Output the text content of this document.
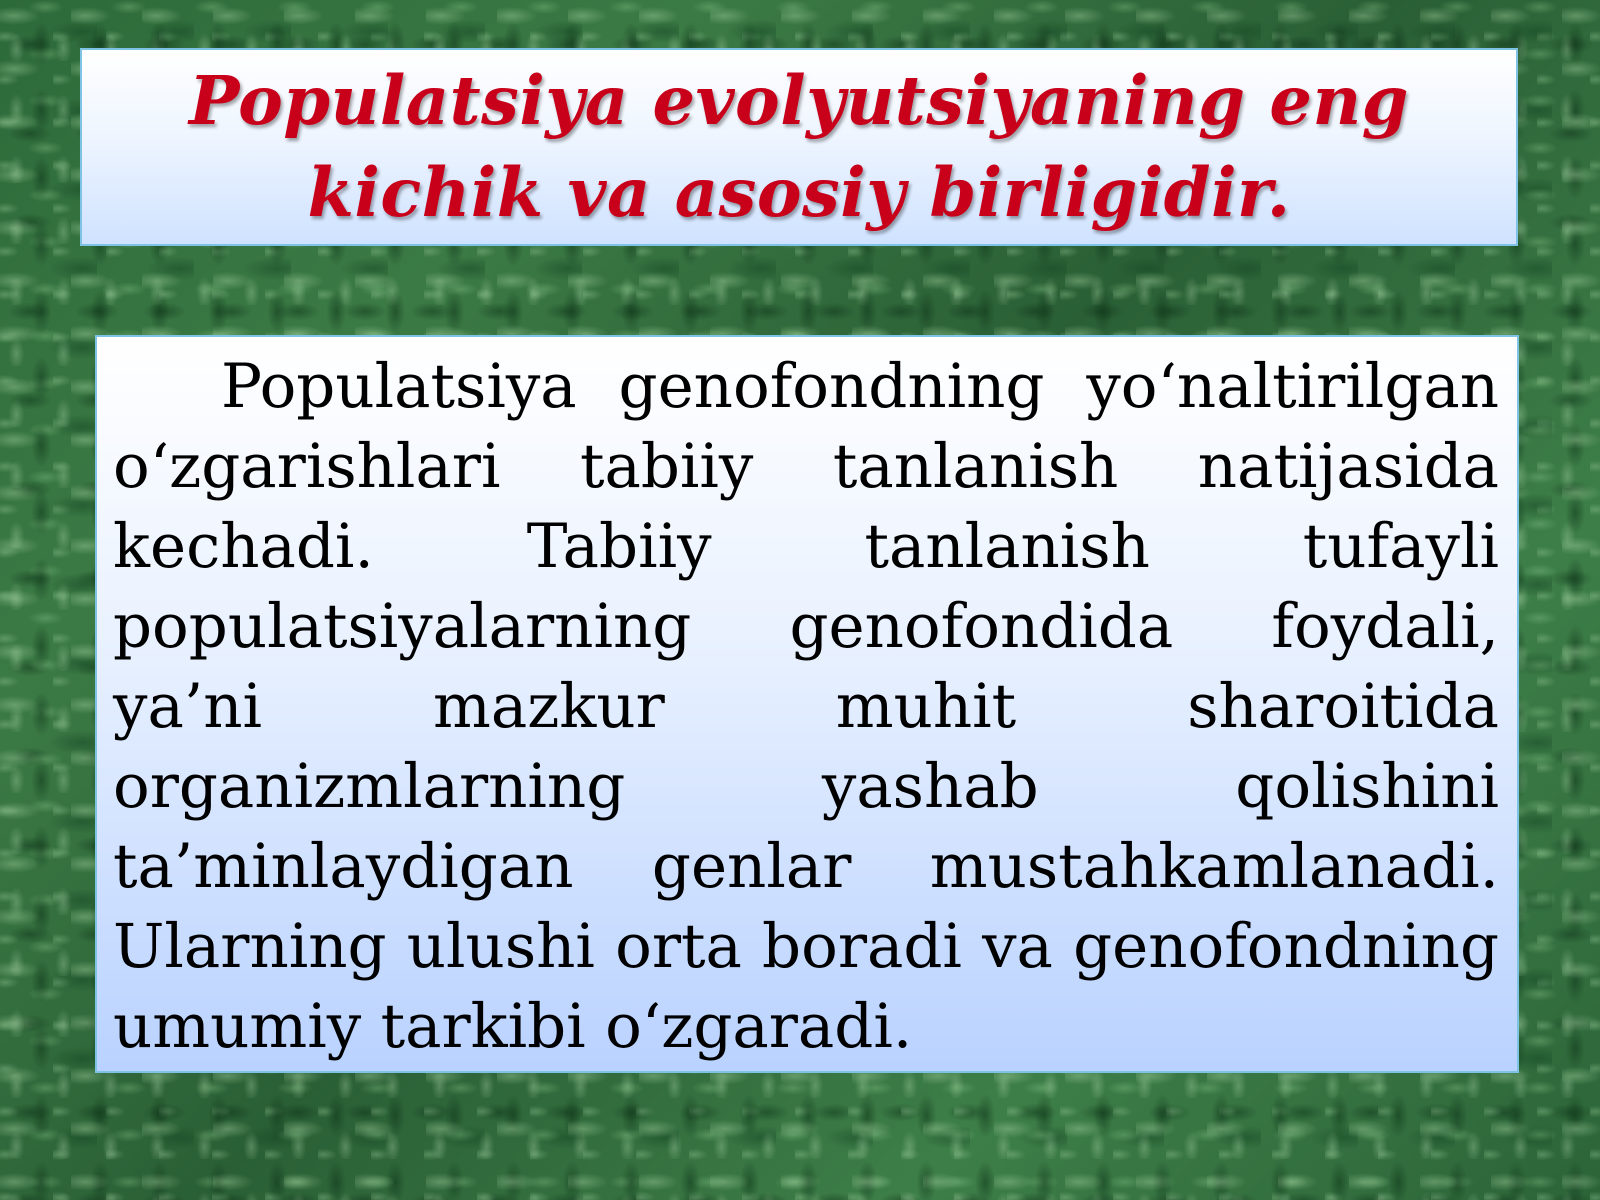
Populatsiya evolyutsiyaning eng kichik va asosiy birligidir.

Populatsiya genofondning yo‘naltirilgan o‘zgarishlari tabiiy tanlanish natijasida kechadi. Tabiiy tanlanish tufayli populatsiyalarning genofondida foydali, ya’ni mazkur muhit sharoitida organizmlarning yashab qolishini ta’minlaydigan genlar mustahkamlanadi. Ularning ulushi orta boradi va genofondning umumiy tarkibi o‘zgaradi.
